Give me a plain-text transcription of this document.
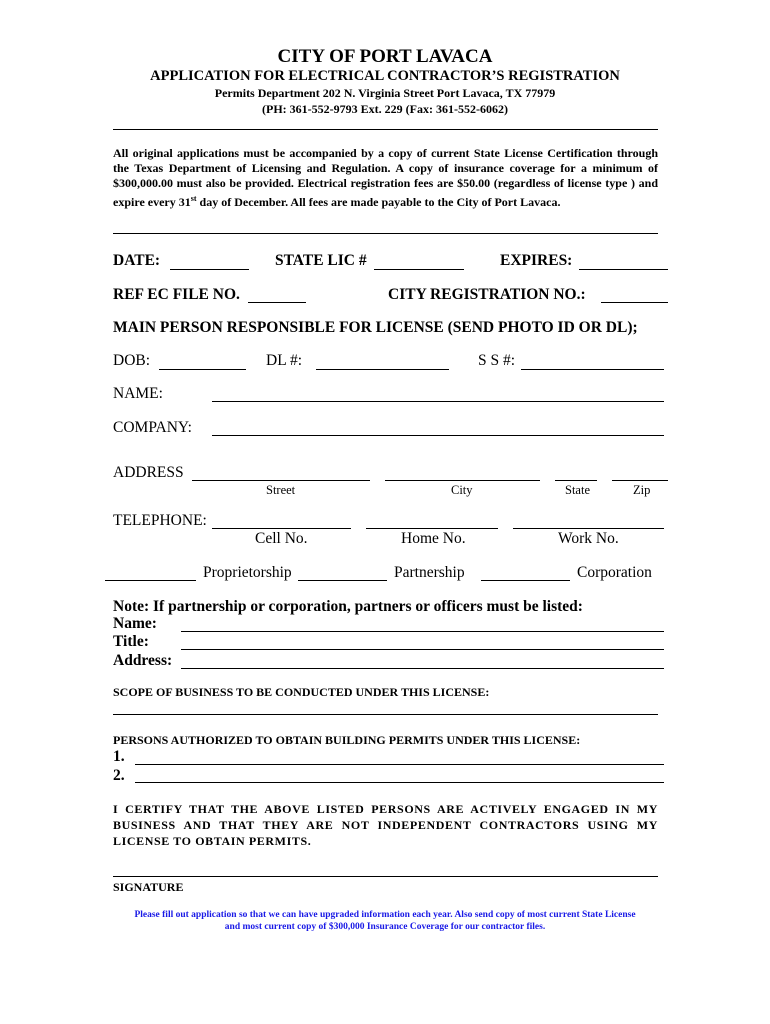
CITY OF PORT LAVACA
APPLICATION FOR ELECTRICAL CONTRACTOR’S REGISTRATION
Permits Department 202 N. Virginia Street Port Lavaca, TX 77979
(PH: 361-552-9793 Ext. 229 (Fax: 361-552-6062)
All original applications must be accompanied by a copy of current State License Certification through the Texas Department of Licensing and Regulation. A copy of insurance coverage for a minimum of $300,000.00 must also be provided. Electrical registration fees are $50.00 (regardless of license type ) and expire every 31st day of December. All fees are made payable to the City of Port Lavaca.
DATE:	STATE LIC #	EXPIRES:
REF EC FILE NO.	CITY REGISTRATION NO.:
MAIN PERSON RESPONSIBLE FOR LICENSE (SEND PHOTO ID OR DL);
DOB:	DL #:	S S #:
NAME:
COMPANY:
ADDRESS
Street	City	State	Zip
TELEPHONE:
Cell No.	Home No.	Work No.
Proprietorship	Partnership	Corporation
Note: If partnership or corporation, partners or officers must be listed:
Name:
Title:
Address:
SCOPE OF BUSINESS TO BE CONDUCTED UNDER THIS LICENSE:
PERSONS AUTHORIZED TO OBTAIN BUILDING PERMITS UNDER THIS LICENSE:
1.
2.
I CERTIFY THAT THE ABOVE LISTED PERSONS ARE ACTIVELY ENGAGED IN MY BUSINESS AND THAT THEY ARE NOT INDEPENDENT CONTRACTORS USING MY LICENSE TO OBTAIN PERMITS.
SIGNATURE
Please fill out application so that we can have upgraded information each year. Also send copy of most current State License
and most current copy of $300,000 Insurance Coverage for our contractor files.
